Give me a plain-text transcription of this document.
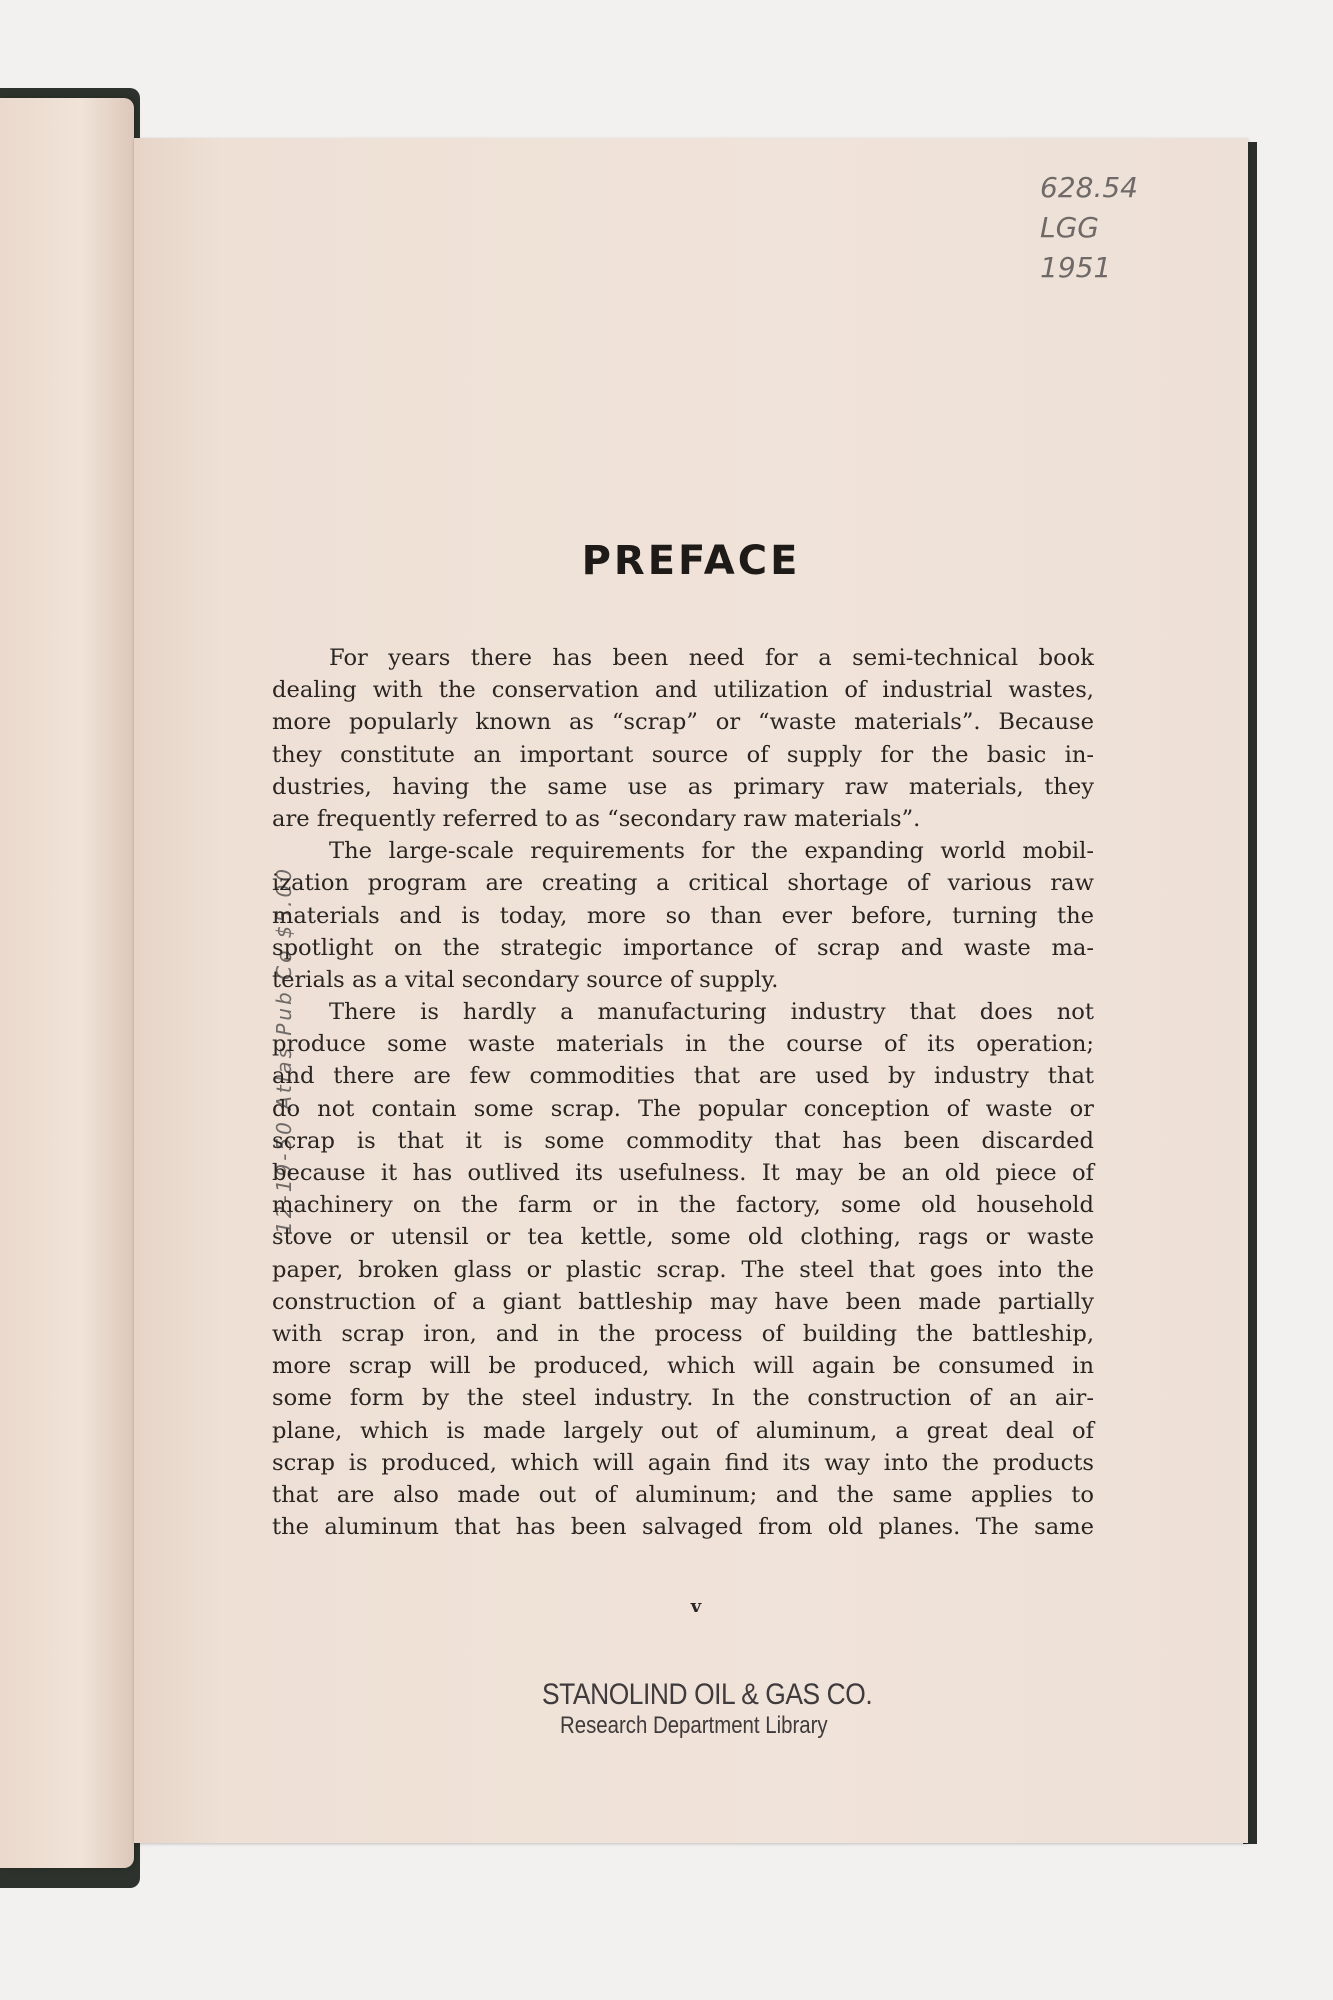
628.54
LGG
1951
12-19-50 Atlas Pub Co $5.00
PREFACE
For years there has been need for a semi-technical book
dealing with the conservation and utilization of industrial wastes,
more popularly known as “scrap” or “waste materials”. Because
they constitute an important source of supply for the basic in-
dustries, having the same use as primary raw materials, they
are frequently referred to as “secondary raw materials”.
The large-scale requirements for the expanding world mobil-
ization program are creating a critical shortage of various raw
materials and is today, more so than ever before, turning the
spotlight on the strategic importance of scrap and waste ma-
terials as a vital secondary source of supply.
There is hardly a manufacturing industry that does not
produce some waste materials in the course of its operation;
and there are few commodities that are used by industry that
do not contain some scrap. The popular conception of waste or
scrap is that it is some commodity that has been discarded
because it has outlived its usefulness. It may be an old piece of
machinery on the farm or in the factory, some old household
stove or utensil or tea kettle, some old clothing, rags or waste
paper, broken glass or plastic scrap. The steel that goes into the
construction of a giant battleship may have been made partially
with scrap iron, and in the process of building the battleship,
more scrap will be produced, which will again be consumed in
some form by the steel industry. In the construction of an air-
plane, which is made largely out of aluminum, a great deal of
scrap is produced, which will again find its way into the products
that are also made out of aluminum; and the same applies to
the aluminum that has been salvaged from old planes. The same
v
STANOLIND OIL & GAS CO.
Research Department Library
